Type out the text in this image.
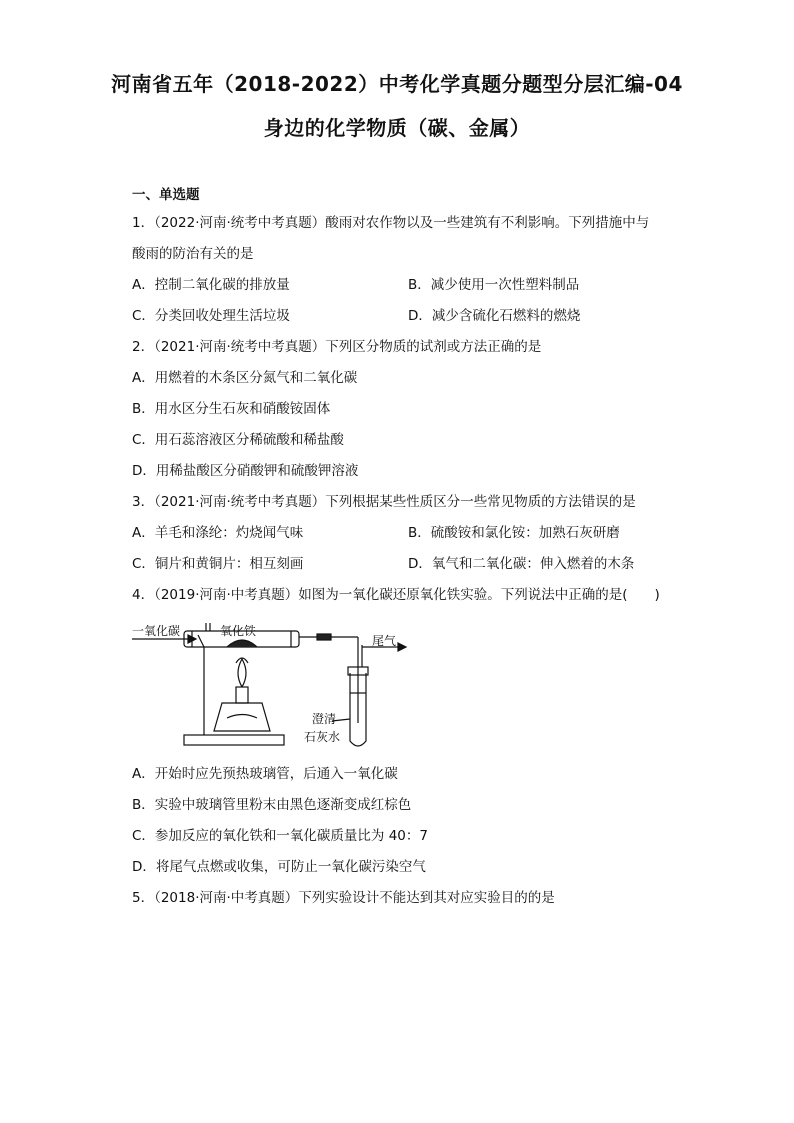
河南省五年（2018-2022）中考化学真题分题型分层汇编-04
身边的化学物质（碳、金属）
一、单选题
1．（2022·河南·统考中考真题）酸雨对农作物以及一些建筑有不利影响。下列措施中与
酸雨的防治有关的是
A．控制二氧化碳的排放量	B．减少使用一次性塑料制品
C．分类回收处理生活垃圾	D．减少含硫化石燃料的燃烧
2．（2021·河南·统考中考真题）下列区分物质的试剂或方法正确的是
A．用燃着的木条区分氮气和二氧化碳
B．用水区分生石灰和硝酸铵固体
C．用石蕊溶液区分稀硫酸和稀盐酸
D．用稀盐酸区分硝酸钾和硫酸钾溶液
3．（2021·河南·统考中考真题）下列根据某些性质区分一些常见物质的方法错误的是
A．羊毛和涤纶：灼烧闻气味	B．硫酸铵和氯化铵：加熟石灰研磨
C．铜片和黄铜片：相互刻画	D．氧气和二氧化碳：伸入燃着的木条
4．（2019·河南·中考真题）如图为一氧化碳还原氧化铁实验。下列说法中正确的是(　　)
一氧化碳	氧化铁
尾气
澄清
石灰水
A．开始时应先预热玻璃管，后通入一氧化碳
B．实验中玻璃管里粉末由黑色逐渐变成红棕色
C．参加反应的氧化铁和一氧化碳质量比为 40：7
D．将尾气点燃或收集，可防止一氧化碳污染空气
5．（2018·河南·中考真题）下列实验设计不能达到其对应实验目的的是
